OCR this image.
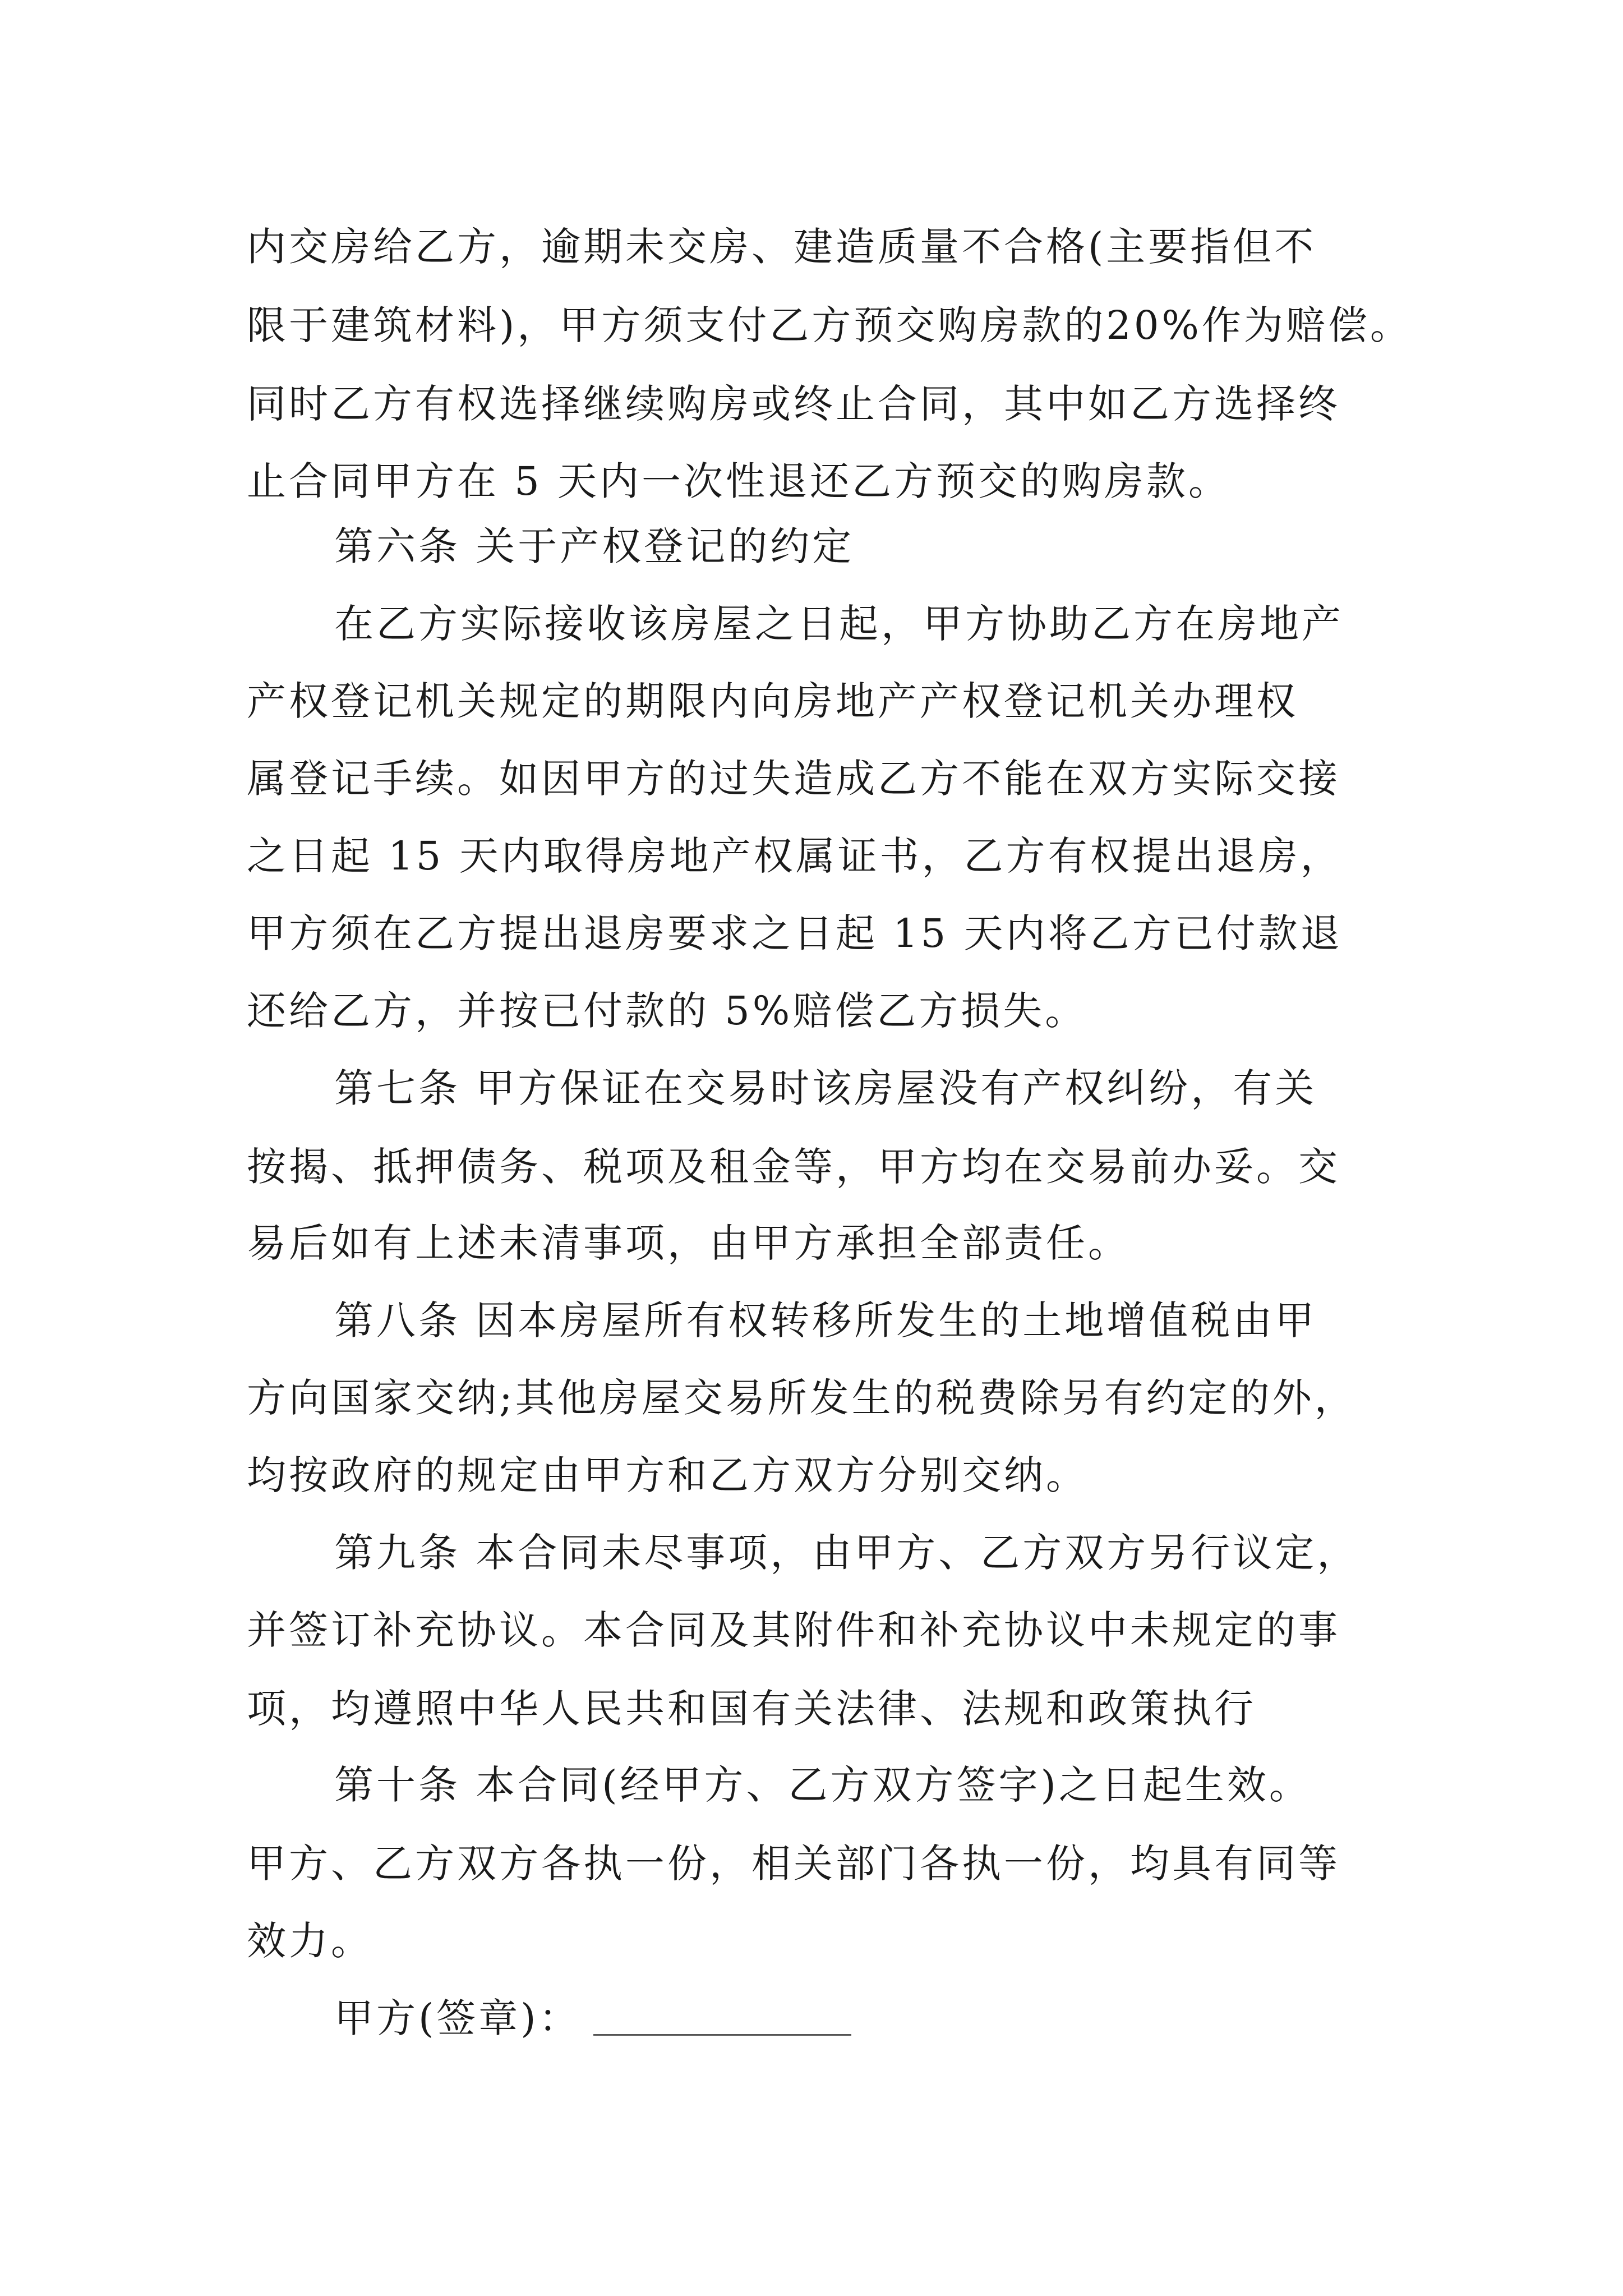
内交房给乙方，逾期未交房、建造质量不合格(主要指但不
限于建筑材料)，甲方须支付乙方预交购房款的20%作为赔偿。
同时乙方有权选择继续购房或终止合同，其中如乙方选择终
止合同甲方在 5 天内一次性退还乙方预交的购房款。
第六条 关于产权登记的约定
在乙方实际接收该房屋之日起，甲方协助乙方在房地产
产权登记机关规定的期限内向房地产产权登记机关办理权
属登记手续。如因甲方的过失造成乙方不能在双方实际交接
之日起 15 天内取得房地产权属证书，乙方有权提出退房，
甲方须在乙方提出退房要求之日起 15 天内将乙方已付款退
还给乙方，并按已付款的 5%赔偿乙方损失。
第七条 甲方保证在交易时该房屋没有产权纠纷，有关
按揭、抵押债务、税项及租金等，甲方均在交易前办妥。交
易后如有上述未清事项，由甲方承担全部责任。
第八条 因本房屋所有权转移所发生的土地增值税由甲
方向国家交纳;其他房屋交易所发生的税费除另有约定的外，
均按政府的规定由甲方和乙方双方分别交纳。
第九条 本合同未尽事项，由甲方、乙方双方另行议定，
并签订补充协议。本合同及其附件和补充协议中未规定的事
项，均遵照中华人民共和国有关法律、法规和政策执行
第十条 本合同(经甲方、乙方双方签字)之日起生效。
甲方、乙方双方各执一份，相关部门各执一份，均具有同等
效力。
甲方(签章)：
